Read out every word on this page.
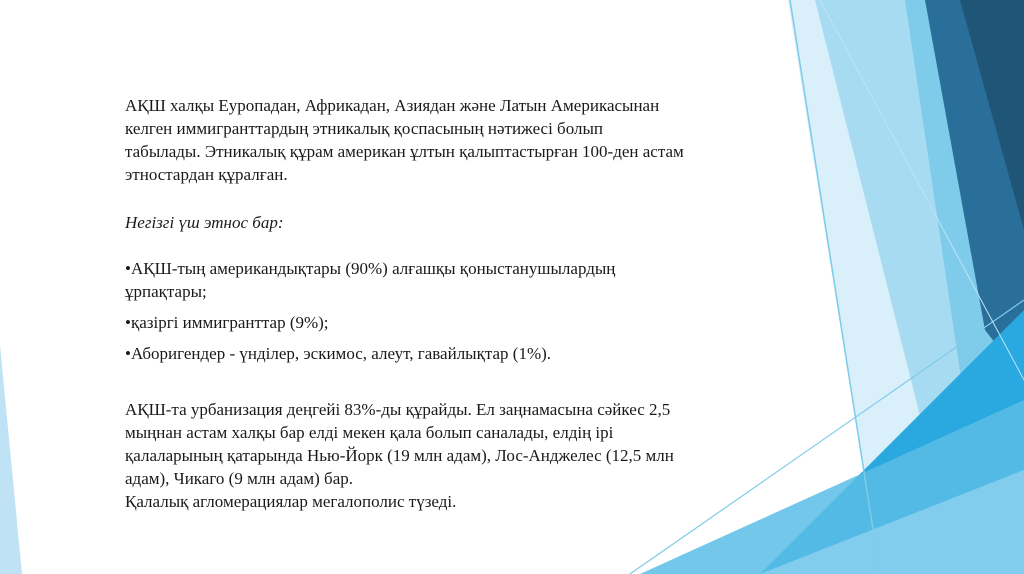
АҚШ халқы Еуропадан, Африкадан, Азиядан және Латын Америкасынан
келген иммигранттардың этникалық қоспасының нәтижесі болып
табылады. Этникалық құрам американ ұлтын қалыптастырған 100-ден астам
этностардан құралған.
Негізгі үш этнос бар:
•АҚШ-тың американдықтары (90%) алғашқы қоныстанушылардың
ұрпақтары;
•қазіргі иммигранттар (9%);
•Аборигендер - үнділер, эскимос, алеут, гавайлықтар (1%).
АҚШ-та урбанизация деңгейі 83%-ды құрайды. Ел заңнамасына сәйкес 2,5
мыңнан астам халқы бар елді мекен қала болып саналады, елдің ірі
қалаларының қатарында Нью-Йорк (19 млн адам), Лос-Анджелес (12,5 млн
адам), Чикаго (9 млн адам) бар.
Қалалық агломерациялар мегалополис түзеді.
